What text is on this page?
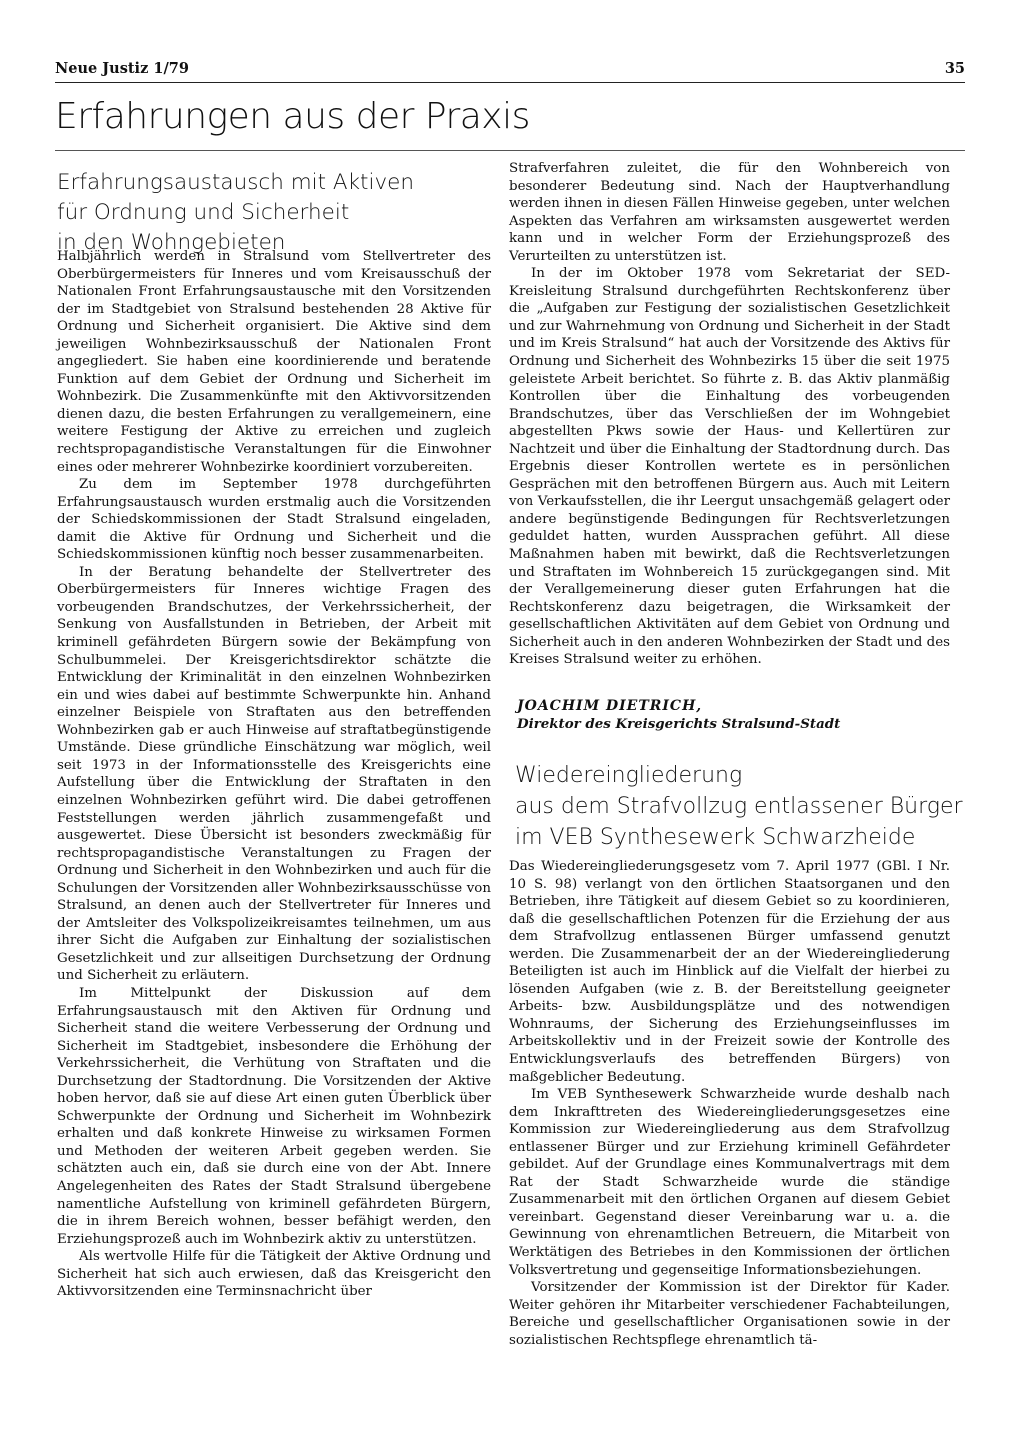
Neue Justiz 1/79	35
Erfahrungen aus der Praxis
Erfahrungsaustausch mit Aktiven
für Ordnung und Sicherheit
in den Wohngebieten

Halbjährlich werden in Stralsund vom Stellvertreter des Oberbürgermeisters für Inneres und vom Kreisausschuß der Nationalen Front Erfahrungsaustausche mit den Vorsitzenden der im Stadtgebiet von Stralsund bestehenden 28 Aktive für Ordnung und Sicherheit organisiert. Die Aktive sind dem jeweiligen Wohnbezirksausschuß der Nationalen Front angegliedert. Sie haben eine koordinierende und beratende Funktion auf dem Gebiet der Ordnung und Sicherheit im Wohnbezirk. Die Zusammenkünfte mit den Aktivvorsitzenden dienen dazu, die besten Erfahrungen zu verallgemeinern, eine weitere Festigung der Aktive zu erreichen und zugleich rechtspropagandistische Veranstaltungen für die Einwohner eines oder mehrerer Wohnbezirke koordiniert vorzubereiten.

Zu dem im September 1978 durchgeführten Erfahrungsaustausch wurden erstmalig auch die Vorsitzenden der Schiedskommissionen der Stadt Stralsund eingeladen, damit die Aktive für Ordnung und Sicherheit und die Schiedskommissionen künftig noch besser zusammenarbeiten.

In der Beratung behandelte der Stellvertreter des Oberbürgermeisters für Inneres wichtige Fragen des vorbeugenden Brandschutzes, der Verkehrssicherheit, der Senkung von Ausfallstunden in Betrieben, der Arbeit mit kriminell gefährdeten Bürgern sowie der Bekämpfung von Schulbummelei. Der Kreisgerichtsdirektor schätzte die Entwicklung der Kriminalität in den einzelnen Wohnbezirken ein und wies dabei auf bestimmte Schwerpunkte hin. Anhand einzelner Beispiele von Straftaten aus den betreffenden Wohnbezirken gab er auch Hinweise auf straftatbegünstigende Umstände. Diese gründliche Einschätzung war möglich, weil seit 1973 in der Informationsstelle des Kreisgerichts eine Aufstellung über die Entwicklung der Straftaten in den einzelnen Wohnbezirken geführt wird. Die dabei getroffenen Feststellungen werden jährlich zusammengefaßt und ausgewertet. Diese Übersicht ist besonders zweckmäßig für rechtspropagandistische Veranstaltungen zu Fragen der Ordnung und Sicherheit in den Wohnbezirken und auch für die Schulungen der Vorsitzenden aller Wohnbezirksausschüsse von Stralsund, an denen auch der Stellvertreter für Inneres und der Amtsleiter des Volkspolizeikreisamtes teilnehmen, um aus ihrer Sicht die Aufgaben zur Einhaltung der sozialistischen Gesetzlichkeit und zur allseitigen Durchsetzung der Ordnung und Sicherheit zu erläutern.

Im Mittelpunkt der Diskussion auf dem Erfahrungsaustausch mit den Aktiven für Ordnung und Sicherheit stand die weitere Verbesserung der Ordnung und Sicherheit im Stadtgebiet, insbesondere die Erhöhung der Verkehrssicherheit, die Verhütung von Straftaten und die Durchsetzung der Stadtordnung. Die Vorsitzenden der Aktive hoben hervor, daß sie auf diese Art einen guten Überblick über Schwerpunkte der Ordnung und Sicherheit im Wohnbezirk erhalten und daß konkrete Hinweise zu wirksamen Formen und Methoden der weiteren Arbeit gegeben werden. Sie schätzten auch ein, daß sie durch eine von der Abt. Innere Angelegenheiten des Rates der Stadt Stralsund übergebene namentliche Aufstellung von kriminell gefährdeten Bürgern, die in ihrem Bereich wohnen, besser befähigt werden, den Erziehungsprozeß auch im Wohnbezirk aktiv zu unterstützen.

Als wertvolle Hilfe für die Tätigkeit der Aktive Ordnung und Sicherheit hat sich auch erwiesen, daß das Kreisgericht den Aktivvorsitzenden eine Terminsnachricht über

Strafverfahren zuleitet, die für den Wohnbereich von besonderer Bedeutung sind. Nach der Hauptverhandlung werden ihnen in diesen Fällen Hinweise gegeben, unter welchen Aspekten das Verfahren am wirksamsten ausgewertet werden kann und in welcher Form der Erziehungsprozeß des Verurteilten zu unterstützen ist.

In der im Oktober 1978 vom Sekretariat der SED-Kreisleitung Stralsund durchgeführten Rechtskonferenz über die „Aufgaben zur Festigung der sozialistischen Gesetzlichkeit und zur Wahrnehmung von Ordnung und Sicherheit in der Stadt und im Kreis Stralsund“ hat auch der Vorsitzende des Aktivs für Ordnung und Sicherheit des Wohnbezirks 15 über die seit 1975 geleistete Arbeit berichtet. So führte z. B. das Aktiv planmäßig Kontrollen über die Einhaltung des vorbeugenden Brandschutzes, über das Verschließen der im Wohngebiet abgestellten Pkws sowie der Haus- und Kellertüren zur Nachtzeit und über die Einhaltung der Stadtordnung durch. Das Ergebnis dieser Kontrollen wertete es in persönlichen Gesprächen mit den betroffenen Bürgern aus. Auch mit Leitern von Verkaufsstellen, die ihr Leergut unsachgemäß gelagert oder andere begünstigende Bedingungen für Rechtsverletzungen geduldet hatten, wurden Aussprachen geführt. All diese Maßnahmen haben mit bewirkt, daß die Rechtsverletzungen und Straftaten im Wohnbereich 15 zurückgegangen sind. Mit der Verallgemeinerung dieser guten Erfahrungen hat die Rechtskonferenz dazu beigetragen, die Wirksamkeit der gesellschaftlichen Aktivitäten auf dem Gebiet von Ordnung und Sicherheit auch in den anderen Wohnbezirken der Stadt und des Kreises Stralsund weiter zu erhöhen.

JOACHIM DIETRICH,
Direktor des Kreisgerichts Stralsund-Stadt
Wiedereingliederung
aus dem Strafvollzug entlassener Bürger
im VEB Synthesewerk Schwarzheide

Das Wiedereingliederungsgesetz vom 7. April 1977 (GBl. I Nr. 10 S. 98) verlangt von den örtlichen Staatsorganen und den Betrieben, ihre Tätigkeit auf diesem Gebiet so zu koordinieren, daß die gesellschaftlichen Potenzen für die Erziehung der aus dem Strafvollzug entlassenen Bürger umfassend genutzt werden. Die Zusammenarbeit der an der Wiedereingliederung Beteiligten ist auch im Hinblick auf die Vielfalt der hierbei zu lösenden Aufgaben (wie z. B. der Bereitstellung geeigneter Arbeits- bzw. Ausbildungsplätze und des notwendigen Wohnraums, der Sicherung des Erziehungseinflusses im Arbeitskollektiv und in der Freizeit sowie der Kontrolle des Entwicklungsverlaufs des betreffenden Bürgers) von maßgeblicher Bedeutung.

Im VEB Synthesewerk Schwarzheide wurde deshalb nach dem Inkrafttreten des Wiedereingliederungsgesetzes eine Kommission zur Wiedereingliederung aus dem Strafvollzug entlassener Bürger und zur Erziehung kriminell Gefährdeter gebildet. Auf der Grundlage eines Kommunalvertrags mit dem Rat der Stadt Schwarzheide wurde die ständige Zusammenarbeit mit den örtlichen Organen auf diesem Gebiet vereinbart. Gegenstand dieser Vereinbarung war u. a. die Gewinnung von ehrenamtlichen Betreuern, die Mitarbeit von Werktätigen des Betriebes in den Kommissionen der örtlichen Volksvertretung und gegenseitige Informationsbeziehungen.

Vorsitzender der Kommission ist der Direktor für Kader. Weiter gehören ihr Mitarbeiter verschiedener Fachabteilungen, Bereiche und gesellschaftlicher Organisationen sowie in der sozialistischen Rechtspflege ehrenamtlich tä-
